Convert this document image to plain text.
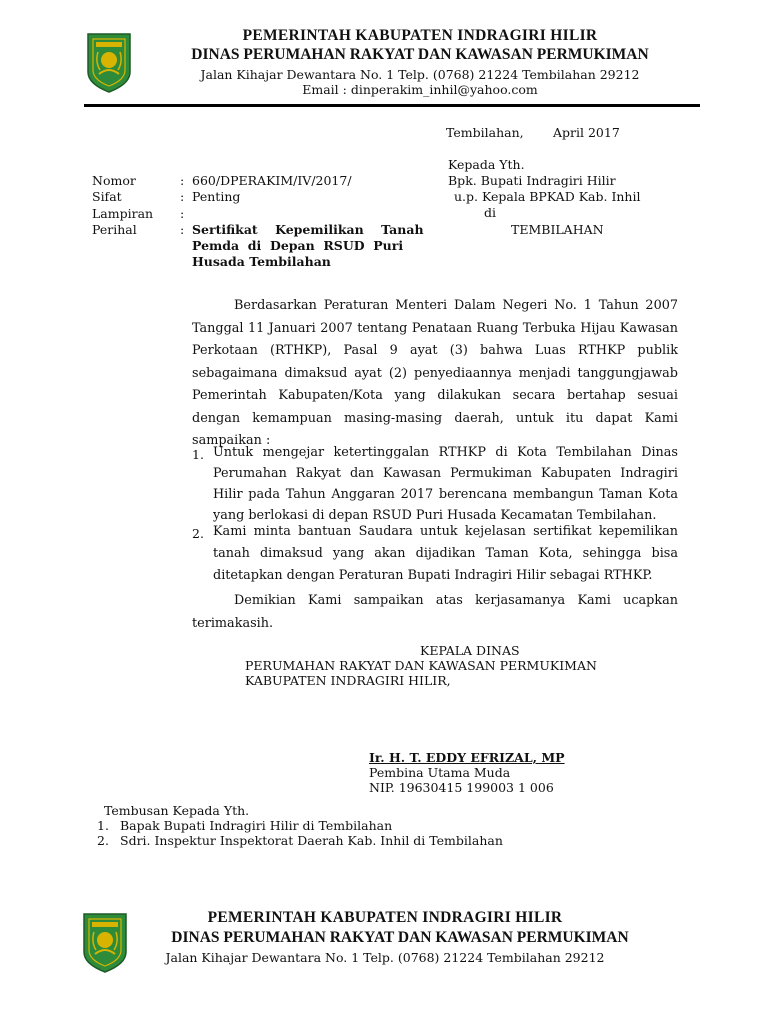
PEMERINTAH KABUPATEN INDRAGIRI HILIR
DINAS PERUMAHAN RAKYAT DAN KAWASAN PERMUKIMAN
Jalan Kihajar Dewantara No. 1 Telp. (0768) 21224 Tembilahan 29212
Email : dinperakim_inhil@yahoo.com
Tembilahan, April 2017
Kepada Yth.
Bpk. Bupati Indragiri Hilir
u.p. Kepala BPKAD Kab. Inhil
di
TEMBILAHAN
Nomor	: 660/DPERAKIM/IV/2017/
Sifat	: Penting
Lampiran :
Perihal	: Sertifikat    Kepemilikan    Tanah
Pemda  di  Depan  RSUD  Puri
Husada Tembilahan
Berdasarkan Peraturan Menteri Dalam Negeri No. 1 Tahun 2007 Tanggal 11 Januari 2007 tentang Penataan Ruang Terbuka Hijau Kawasan Perkotaan (RTHKP), Pasal 9 ayat (3) bahwa Luas RTHKP publik sebagaimana dimaksud ayat (2) penyediaannya menjadi tanggungjawab Pemerintah Kabupaten/Kota yang dilakukan secara bertahap sesuai dengan kemampuan masing-masing daerah, untuk itu dapat Kami sampaikan :
1. Untuk mengejar ketertinggalan RTHKP di Kota Tembilahan Dinas Perumahan Rakyat dan Kawasan Permukiman Kabupaten Indragiri Hilir pada Tahun Anggaran 2017 berencana membangun Taman Kota yang berlokasi di depan RSUD Puri Husada Kecamatan Tembilahan.
2. Kami minta bantuan Saudara untuk kejelasan sertifikat kepemilikan tanah dimaksud yang akan dijadikan Taman Kota, sehingga bisa ditetapkan dengan Peraturan Bupati Indragiri Hilir sebagai RTHKP.
Demikian Kami sampaikan atas kerjasamanya Kami ucapkan terimakasih.
KEPALA DINAS
PERUMAHAN RAKYAT DAN KAWASAN PERMUKIMAN
KABUPATEN INDRAGIRI HILIR,
Ir. H. T. EDDY EFRIZAL, MP
Pembina Utama Muda
NIP. 19630415 199003 1 006
Tembusan Kepada Yth.
1. Bapak Bupati Indragiri Hilir di Tembilahan
2. Sdri. Inspektur Inspektorat Daerah Kab. Inhil di Tembilahan
PEMERINTAH KABUPATEN INDRAGIRI HILIR
DINAS PERUMAHAN RAKYAT DAN KAWASAN PERMUKIMAN
Jalan Kihajar Dewantara No. 1 Telp. (0768) 21224 Tembilahan 29212
